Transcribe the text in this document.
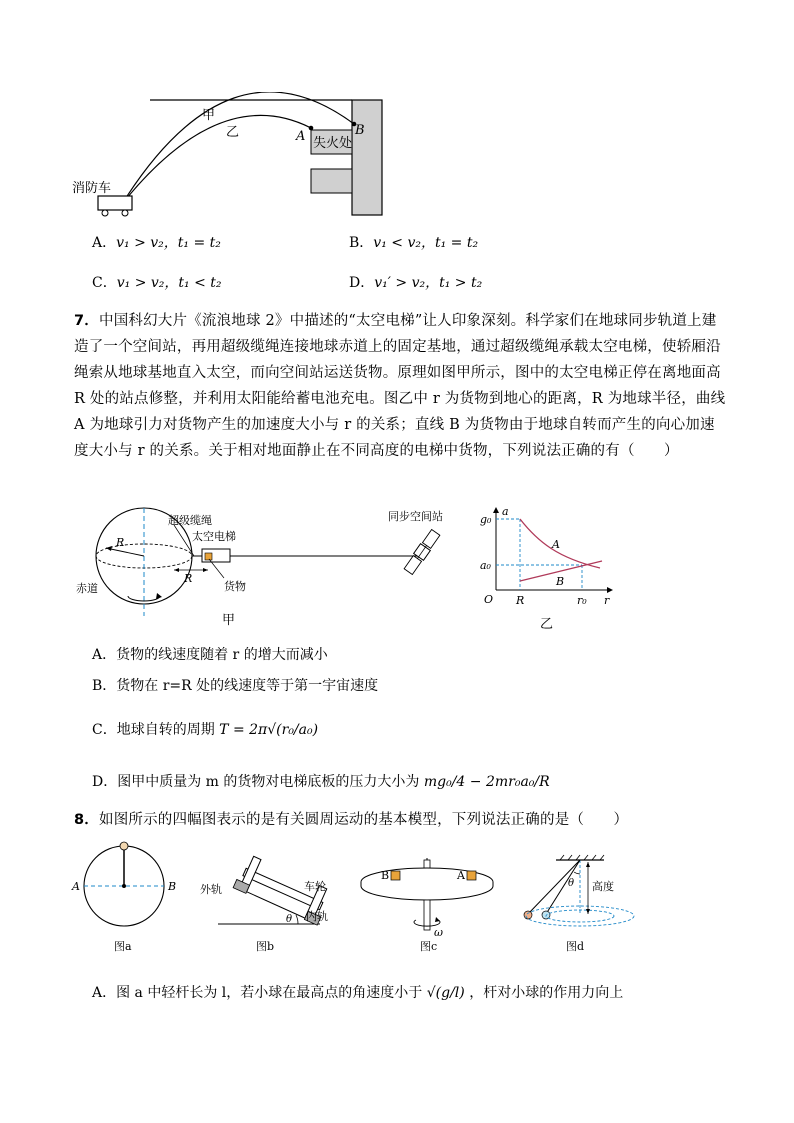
甲
乙	A	B
失火处
消防车
A．v₁ > v₂，t₁ = t₂	B．v₁ < v₂，t₁ = t₂
C．v₁ > v₂，t₁ < t₂	D．v₁′ > v₂，t₁ > t₂
7．中国科幻大片《流浪地球 2》中描述的“太空电梯”让人印象深刻。科学家们在地球同步轨道上建造了一个空间站，再用超级缆绳连接地球赤道上的固定基地，通过超级缆绳承载太空电梯，使轿厢沿绳索从地球基地直入太空，而向空间站运送货物。原理如图甲所示，图中的太空电梯正停在离地面高 R 处的站点修整，并利用太阳能给蓄电池充电。图乙中 r 为货物到地心的距离，R 为地球半径，曲线 A 为地球引力对货物产生的加速度大小与 r 的关系；直线 B 为货物由于地球自转而产生的向心加速度大小与 r 的关系。关于相对地面静止在不同高度的电梯中货物，下列说法正确的有（　　）
超级缆绳
太空电梯
同步空间站
R
R
赤道	货物
甲
a
g₀
a₀
O R	r₀ r
A
B
乙
A．货物的线速度随着 r 的增大而减小
B．货物在 r=R 处的线速度等于第一宇宙速度
C．地球自转的周期 T = 2π√(r₀/a₀)
D．图甲中质量为 m 的货物对电梯底板的压力大小为 mg₀/4 − 2mr₀a₀/R
8．如图所示的四幅图表示的是有关圆周运动的基本模型，下列说法正确的是（　　）
A	B
图a
外轨	车轮
内轨
θ
图b
B	A
ω
图c
θ 高度
图d
A．图 a 中轻杆长为 l，若小球在最高点的角速度小于 √(g/l) ，杆对小球的作用力向上
